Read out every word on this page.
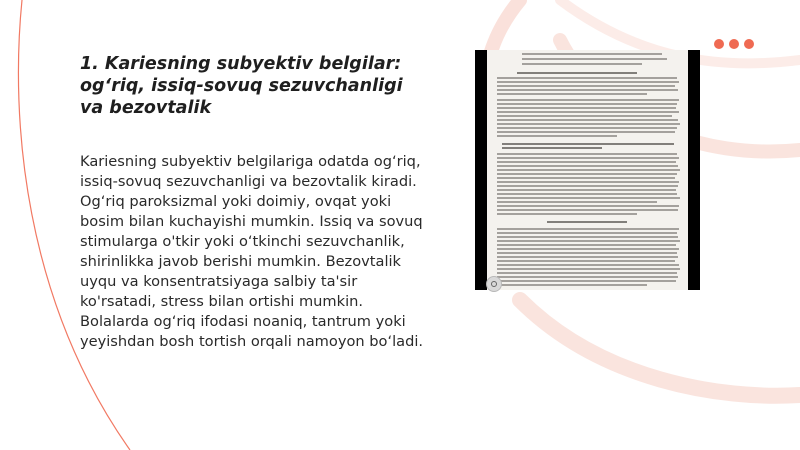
1. Kariesning subyektiv belgilar: og‘riq, issiq-sovuq sezuvchanligi va bezovtalik

Kariesning subyektiv belgilariga odatda og‘riq, issiq-sovuq sezuvchanligi va bezovtalik kiradi. Og‘riq paroksizmal yoki doimiy, ovqat yoki bosim bilan kuchayishi mumkin. Issiq va sovuq stimularga o'tkir yoki o‘tkinchi sezuvchanlik, shirinlikka javob berishi mumkin. Bezovtalik uyqu va konsentratsiyaga salbiy ta'sir ko'rsatadi, stress bilan ortishi mumkin. Bolalarda og‘riq ifodasi noaniq, tantrum yoki yeyishdan bosh tortish orqali namoyon bo‘ladi.
